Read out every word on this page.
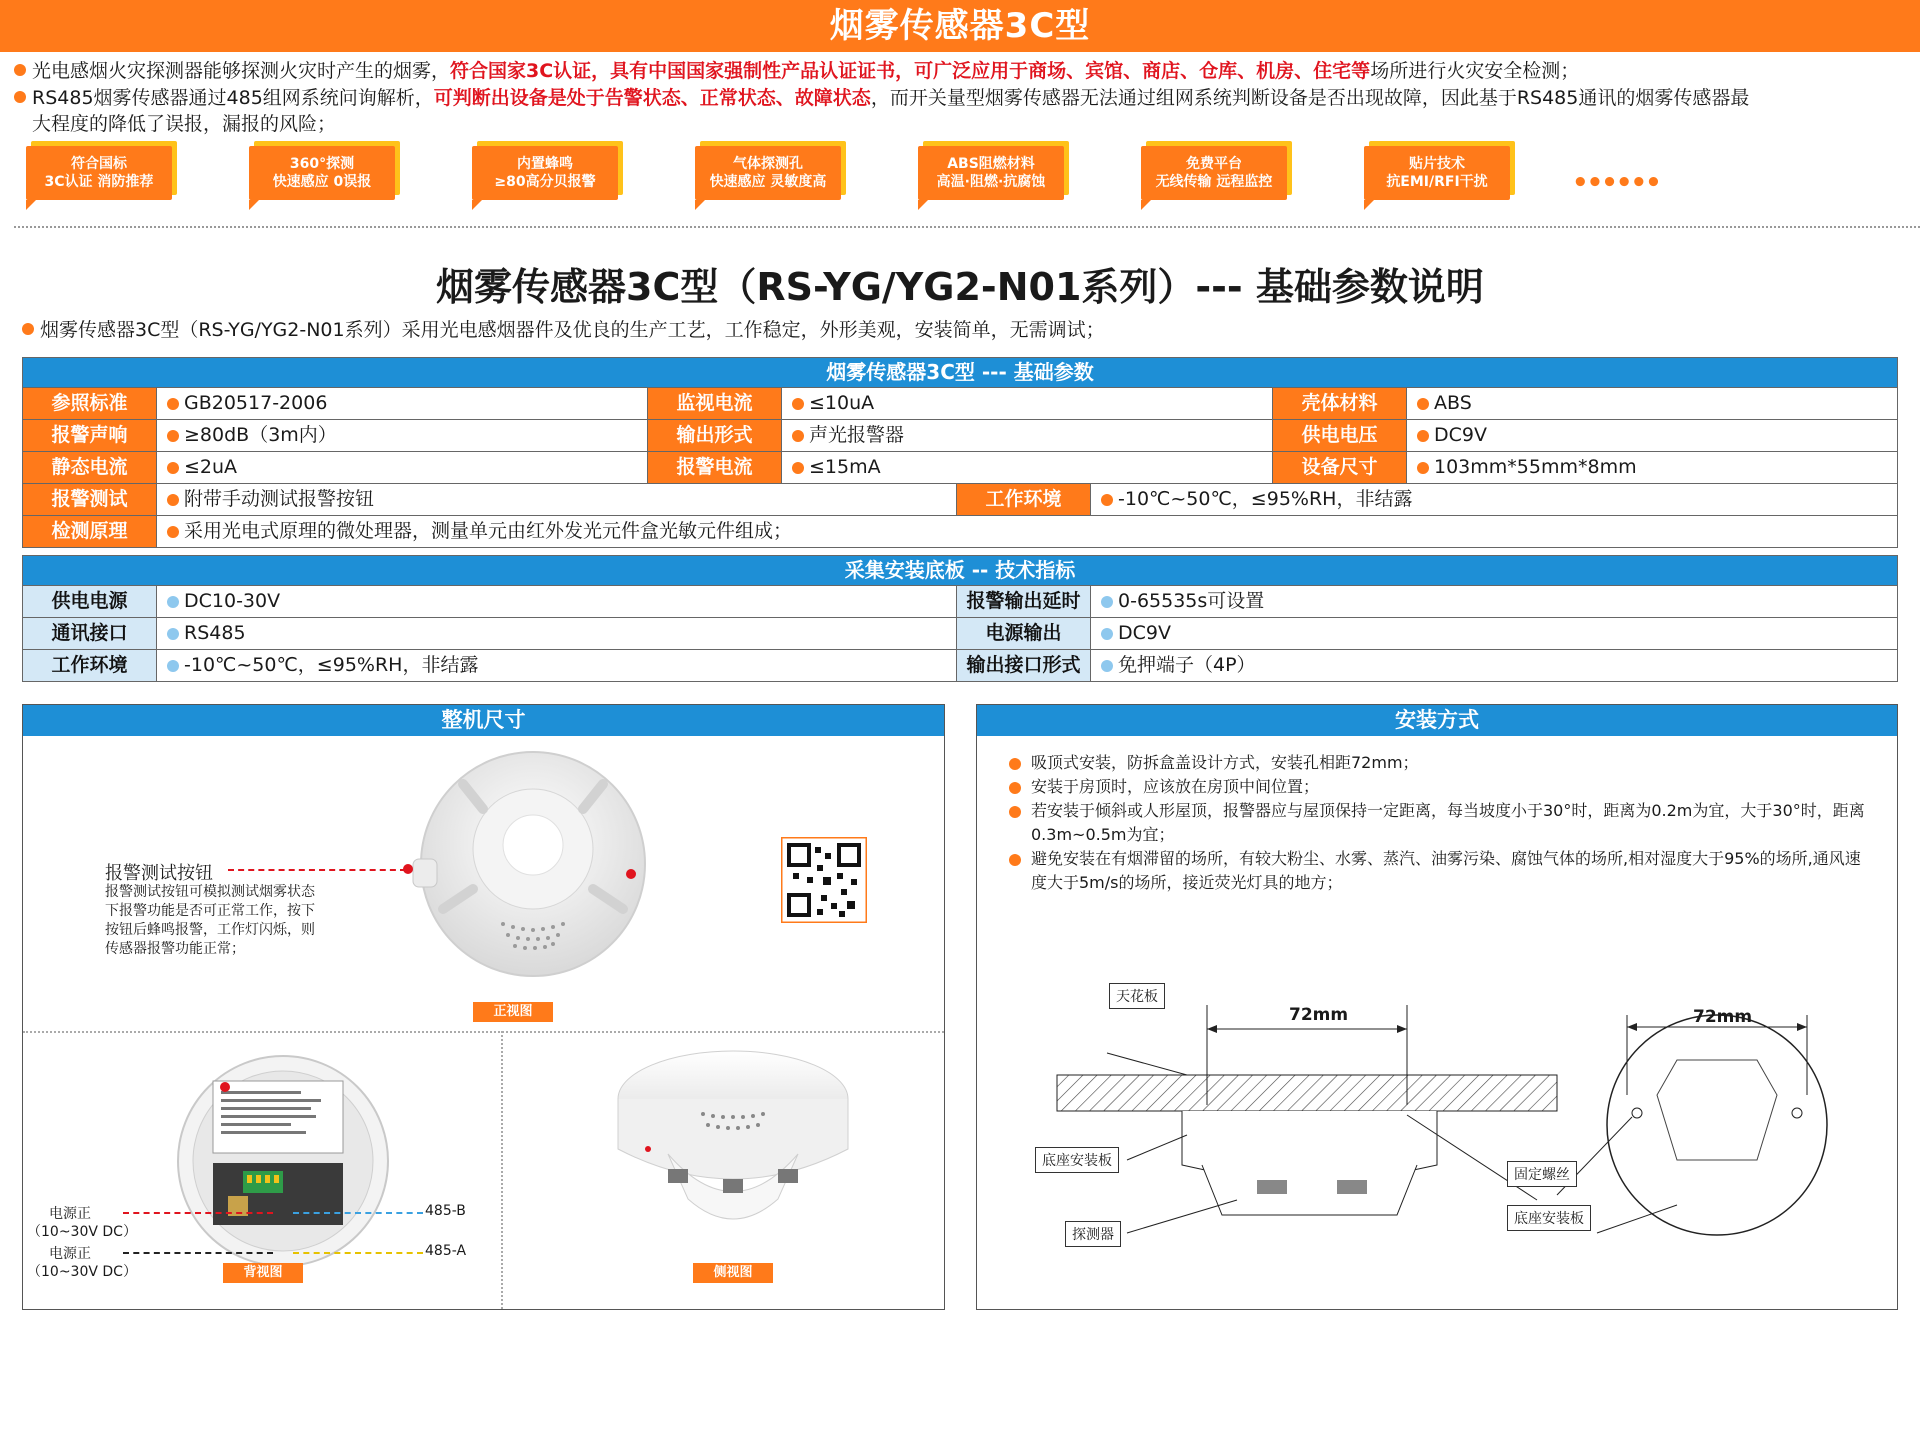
烟雾传感器3C型
光电感烟火灾探测器能够探测火灾时产生的烟雾，符合国家3C认证，具有中国国家强制性产品认证证书，可广泛应用于商场、宾馆、商店、仓库、机房、住宅等场所进行火灾安全检测；
RS485烟雾传感器通过485组网系统问询解析，可判断出设备是处于告警状态、正常状态、故障状态，而开关量型烟雾传感器无法通过组网系统判断设备是否出现故障，因此基于RS485通讯的烟雾传感器最
大程度的降低了误报，漏报的风险；
符合国标
3C认证 消防推荐
360°探测
快速感应 0误报
内置蜂鸣
≥80高分贝报警
气体探测孔
快速感应 灵敏度高
ABS阻燃材料
高温·阻燃·抗腐蚀
免费平台
无线传输 远程监控
贴片技术
抗EMI/RFI干扰	••••••
烟雾传感器3C型（RS-YG/YG2-N01系列）--- 基础参数说明
烟雾传感器3C型（RS-YG/YG2-N01系列）采用光电感烟器件及优良的生产工艺，工作稳定，外形美观，安装简单，无需调试；
烟雾传感器3C型 --- 基础参数
参照标准	GB20517-2006	监视电流	≤10uA	壳体材料	ABS
报警声响	≥80dB（3m内）	输出形式	声光报警器	供电电压	DC9V
静态电流	≤2uA	报警电流	≤15mA	设备尺寸	103mm*55mm*8mm
报警测试	附带手动测试报警按钮	工作环境	-10℃~50℃，≤95%RH，非结露
检测原理	采用光电式原理的微处理器，测量单元由红外发光元件盒光敏元件组成；
采集安装底板 -- 技术指标
供电电源	DC10-30V	报警输出延时	0-65535s可设置
通讯接口	RS485	电源输出	DC9V
工作环境	-10℃~50℃，≤95%RH，非结露	输出接口形式	免押端子（4P）
整机尺寸
报警测试按钮
报警测试按钮可模拟测试烟雾状态
下报警功能是否可正常工作，按下
按钮后蜂鸣报警，工作灯闪烁，则
传感器报警功能正常；
正视图
电源正
（10~30V DC）
电源正
（10~30V DC）
485-B
485-A
背视图	侧视图
安装方式
吸顶式安装，防拆盒盖设计方式，安装孔相距72mm；
安装于房顶时，应该放在房顶中间位置；
若安装于倾斜或人形屋顶，报警器应与屋顶保持一定距离，每当坡度小于30°时，距离为0.2m为宜，大于30°时，距离0.3m~0.5m为宜；
避免安装在有烟滞留的场所，有较大粉尘、水雾、蒸汽、油雾污染、腐蚀气体的场所,相对湿度大于95%的场所,通风速度大于5m/s的场所，接近荧光灯具的地方；
天花板
72mm	72mm
底座安装板
探测器
固定螺丝
底座安装板
